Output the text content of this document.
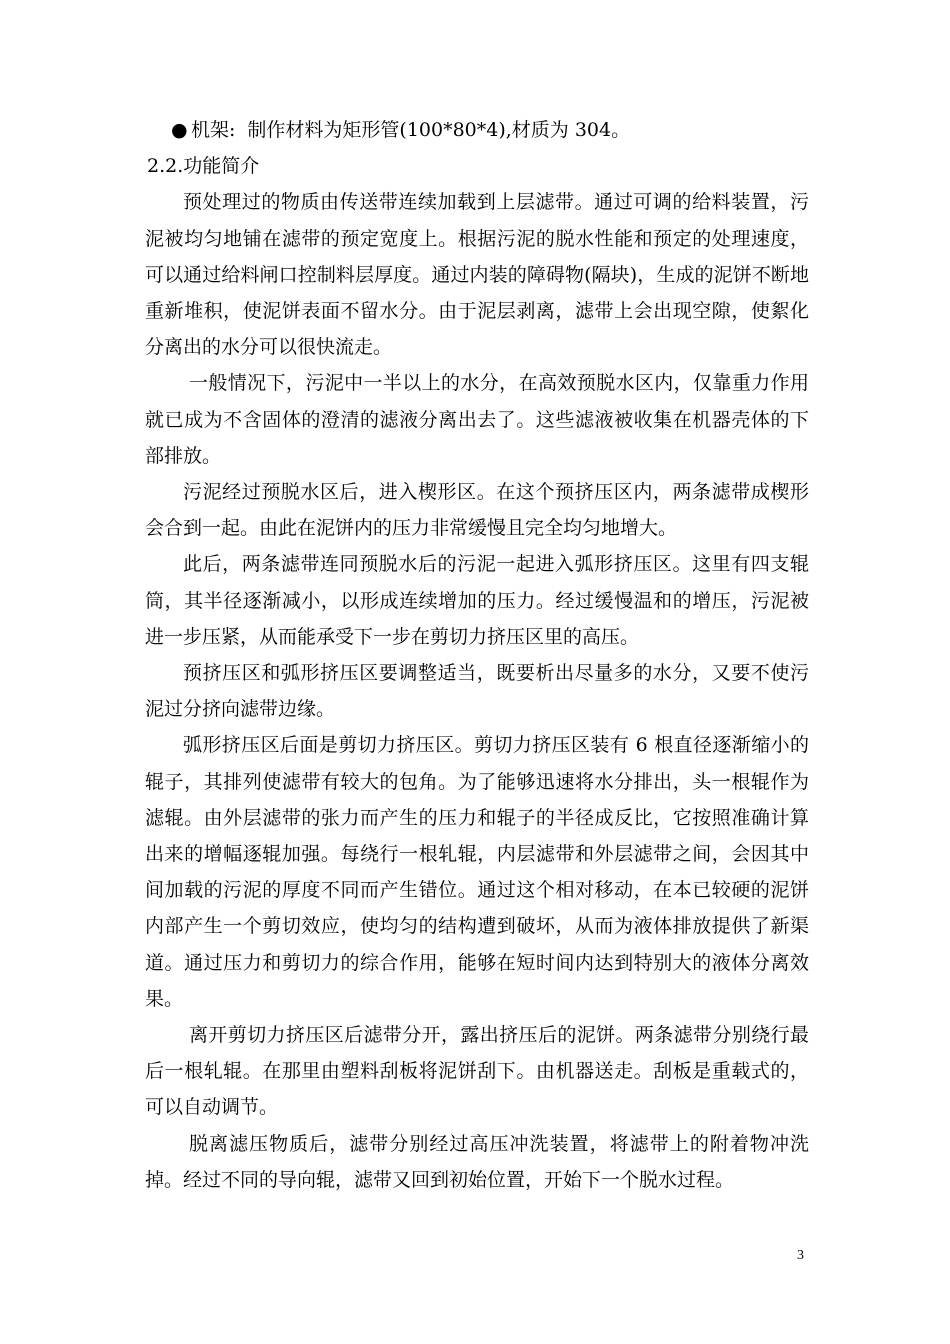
● 机架: 制作材料为矩形管(100*80*4),材质为 304。

2.2.功能简介

预处理过的物质由传送带连续加载到上层滤带。通过可调的给料装置，污泥被均匀地铺在滤带的预定宽度上。根据污泥的脱水性能和预定的处理速度，可以通过给料闸口控制料层厚度。通过内装的障碍物(隔块)，生成的泥饼不断地重新堆积，使泥饼表面不留水分。由于泥层剥离，滤带上会出现空隙，使絮化分离出的水分可以很快流走。

一般情况下，污泥中一半以上的水分，在高效预脱水区内，仅靠重力作用就已成为不含固体的澄清的滤液分离出去了。这些滤液被收集在机器壳体的下部排放。

污泥经过预脱水区后，进入楔形区。在这个预挤压区内，两条滤带成楔形会合到一起。由此在泥饼内的压力非常缓慢且完全均匀地增大。

此后，两条滤带连同预脱水后的污泥一起进入弧形挤压区。这里有四支辊筒，其半径逐渐减小，以形成连续增加的压力。经过缓慢温和的增压，污泥被进一步压紧，从而能承受下一步在剪切力挤压区里的高压。

预挤压区和弧形挤压区要调整适当，既要析出尽量多的水分，又要不使污泥过分挤向滤带边缘。

弧形挤压区后面是剪切力挤压区。剪切力挤压区装有 6 根直径逐渐缩小的辊子，其排列使滤带有较大的包角。为了能够迅速将水分排出，头一根辊作为滤辊。由外层滤带的张力而产生的压力和辊子的半径成反比，它按照准确计算出来的增幅逐辊加强。每绕行一根轧辊，内层滤带和外层滤带之间，会因其中间加载的污泥的厚度不同而产生错位。通过这个相对移动，在本已较硬的泥饼内部产生一个剪切效应，使均匀的结构遭到破坏，从而为液体排放提供了新渠道。通过压力和剪切力的综合作用，能够在短时间内达到特别大的液体分离效果。

离开剪切力挤压区后滤带分开，露出挤压后的泥饼。两条滤带分别绕行最后一根轧辊。在那里由塑料刮板将泥饼刮下。由机器送走。刮板是重载式的，可以自动调节。

脱离滤压物质后，滤带分别经过高压冲洗装置，将滤带上的附着物冲洗掉。经过不同的导向辊，滤带又回到初始位置，开始下一个脱水过程。

3
